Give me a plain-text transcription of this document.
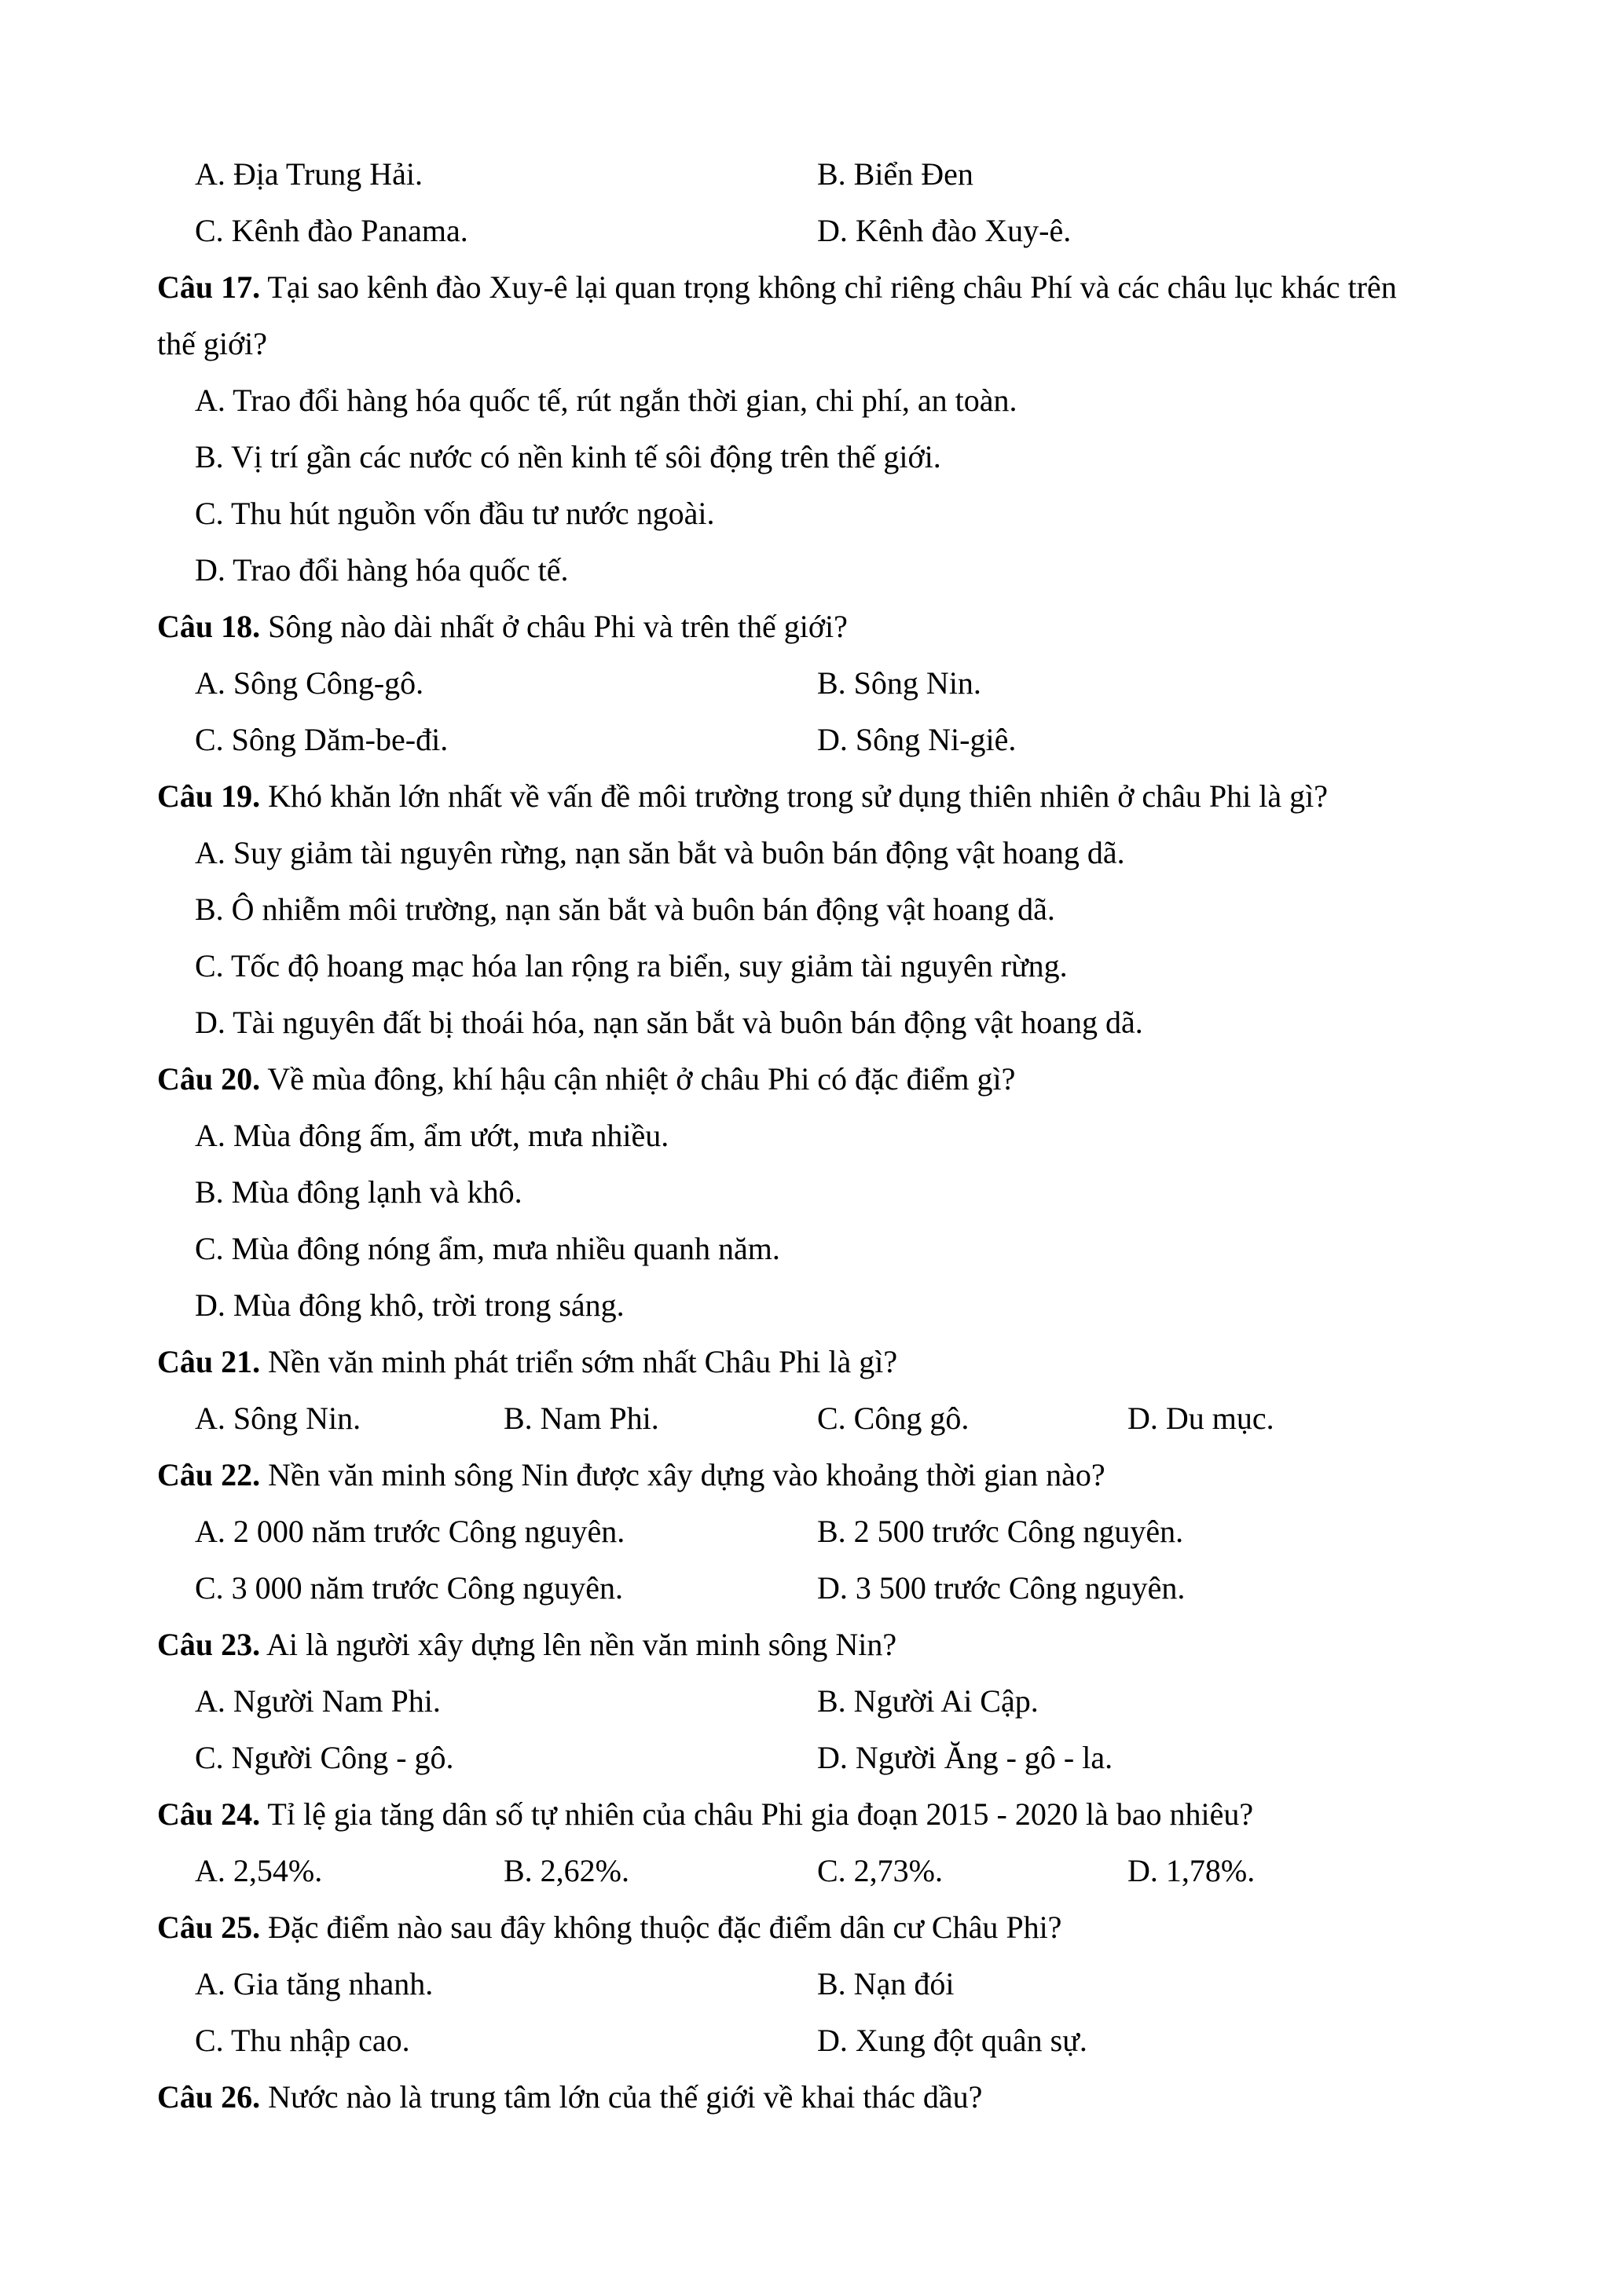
A. Địa Trung Hải.	B. Biển Đen
C. Kênh đào Panama.	D. Kênh đào Xuy-ê.
Câu 17. Tại sao kênh đào Xuy-ê lại quan trọng không chỉ riêng châu Phí và các châu lục khác trên
thế giới?
A. Trao đổi hàng hóa quốc tế, rút ngắn thời gian, chi phí, an toàn.
B. Vị trí gần các nước có nền kinh tế sôi động trên thế giới.
C. Thu hút nguồn vốn đầu tư nước ngoài.
D. Trao đổi hàng hóa quốc tế.
Câu 18. Sông nào dài nhất ở châu Phi và trên thế giới?
A. Sông Công-gô.	B. Sông Nin.
C. Sông Dăm-be-đi.	D. Sông Ni-giê.
Câu 19. Khó khăn lớn nhất về vấn đề môi trường trong sử dụng thiên nhiên ở châu Phi là gì?
A. Suy giảm tài nguyên rừng, nạn săn bắt và buôn bán động vật hoang dã.
B. Ô nhiễm môi trường, nạn săn bắt và buôn bán động vật hoang dã.
C. Tốc độ hoang mạc hóa lan rộng ra biển, suy giảm tài nguyên rừng.
D. Tài nguyên đất bị thoái hóa, nạn săn bắt và buôn bán động vật hoang dã.
Câu 20. Về mùa đông, khí hậu cận nhiệt ở châu Phi có đặc điểm gì?
A. Mùa đông ấm, ẩm ướt, mưa nhiều.
B. Mùa đông lạnh và khô.
C. Mùa đông nóng ẩm, mưa nhiều quanh năm.
D. Mùa đông khô, trời trong sáng.
Câu 21. Nền văn minh phát triển sớm nhất Châu Phi là gì?
A. Sông Nin.	B. Nam Phi.	C. Công gô.	D. Du mục.
Câu 22. Nền văn minh sông Nin được xây dựng vào khoảng thời gian nào?
A. 2 000 năm trước Công nguyên.	B. 2 500 trước Công nguyên.
C. 3 000 năm trước Công nguyên.	D. 3 500 trước Công nguyên.
Câu 23. Ai là người xây dựng lên nền văn minh sông Nin?
A. Người Nam Phi.	B. Người Ai Cập.
C. Người Công - gô.	D. Người Ăng - gô - la.
Câu 24. Tỉ lệ gia tăng dân số tự nhiên của châu Phi gia đoạn 2015 - 2020 là bao nhiêu?
A. 2,54%.	B. 2,62%.	C. 2,73%.	D. 1,78%.
Câu 25. Đặc điểm nào sau đây không thuộc đặc điểm dân cư Châu Phi?
A. Gia tăng nhanh.	B. Nạn đói
C. Thu nhập cao.	D. Xung đột quân sự.
Câu 26. Nước nào là trung tâm lớn của thế giới về khai thác dầu?
